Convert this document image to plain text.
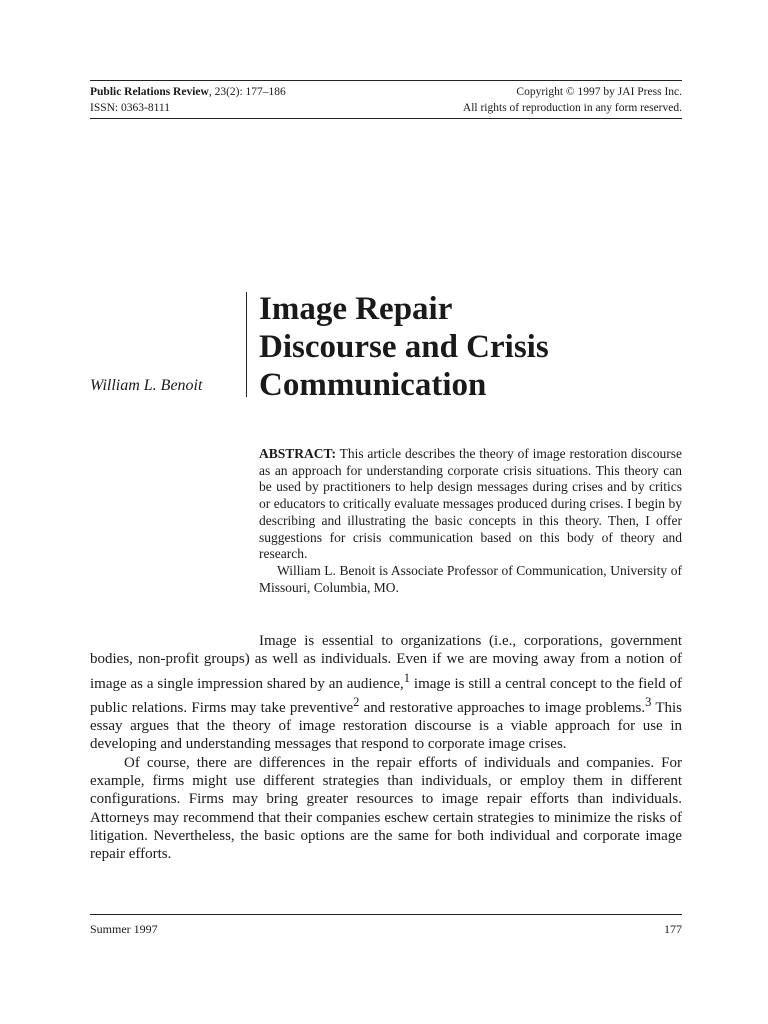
Public Relations Review, 23(2): 177–186
ISSN: 0363-8111
Copyright © 1997 by JAI Press Inc.
All rights of reproduction in any form reserved.
William L. Benoit
Image Repair
Discourse and Crisis
Communication

ABSTRACT: This article describes the theory of image restoration discourse as an approach for understanding corporate crisis situations. This theory can be used by practitioners to help design messages during crises and by critics or educators to critically evaluate messages produced during crises. I begin by describing and illustrating the basic concepts in this theory. Then, I offer suggestions for crisis communication based on this body of theory and research.

William L. Benoit is Associate Professor of Communication, University of Missouri, Columbia, MO.

Image is essential to organizations (i.e., corporations, government bodies, non-profit groups) as well as individuals. Even if we are moving away from a notion of image as a single impression shared by an audience,$^1$ image is still a central concept to the field of public relations. Firms may take preventive$^2$ and restorative approaches to image problems.$^3$ This essay argues that the theory of image restoration discourse is a viable approach for use in developing and understanding messages that respond to corporate image crises.

Of course, there are differences in the repair efforts of individuals and companies. For example, firms might use different strategies than individuals, or employ them in different configurations. Firms may bring greater resources to image repair efforts than individuals. Attorneys may recommend that their companies eschew certain strategies to minimize the risks of litigation. Nevertheless, the basic options are the same for both individual and corporate image repair efforts.

Summer 1997	177
